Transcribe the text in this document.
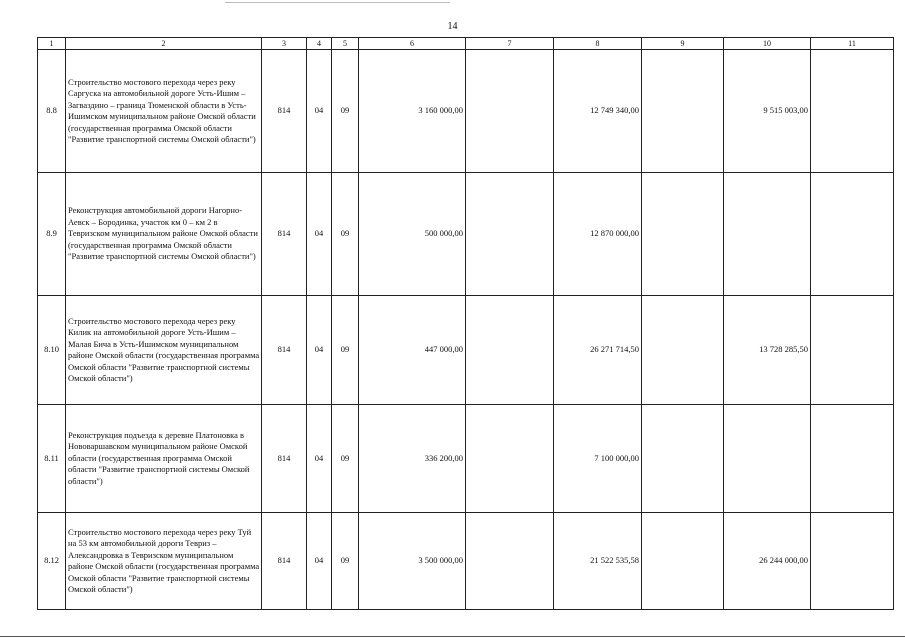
14
1	2	3	4	5	6	7	8	9	10	11
8.8	Строительство мостового перехода через реку Саргуска на автомобильной дороге Усть-Ишим – Загваздино – граница Тюменской области в Усть-Ишимском муниципальном районе Омской области (государственная программа Омской области "Развитие транспортной системы Омской области")	814	04	09	3 160 000,00		12 749 340,00		9 515 003,00	
8.9	Реконструкция автомобильной дороги Нагорно-Аевск – Бородинка, участок км 0 – км 2 в Тевризском муниципальном районе Омской области (государственная программа Омской области "Развитие транспортной системы Омской области")	814	04	09	500 000,00		12 870 000,00			
8.10	Строительство мостового перехода через реку Килик на автомобильной дороге Усть-Ишим – Малая Бича в Усть-Ишимском муниципальном районе Омской области (государственная программа Омской области "Развитие транспортной системы Омской области")	814	04	09	447 000,00		26 271 714,50		13 728 285,50	
8.11	Реконструкция подъезда к деревне Платоновка в Нововаршавском муниципальном районе Омской области (государственная программа Омской области "Развитие транспортной системы Омской области")	814	04	09	336 200,00		7 100 000,00			
8.12	Строительство мостового перехода через реку Туй на 53 км автомобильной дороги Тевриз – Александровка в Тевризском муниципальном районе Омской области (государственная программа Омской области "Развитие транспортной системы Омской области")	814	04	09	3 500 000,00		21 522 535,58		26 244 000,00	
